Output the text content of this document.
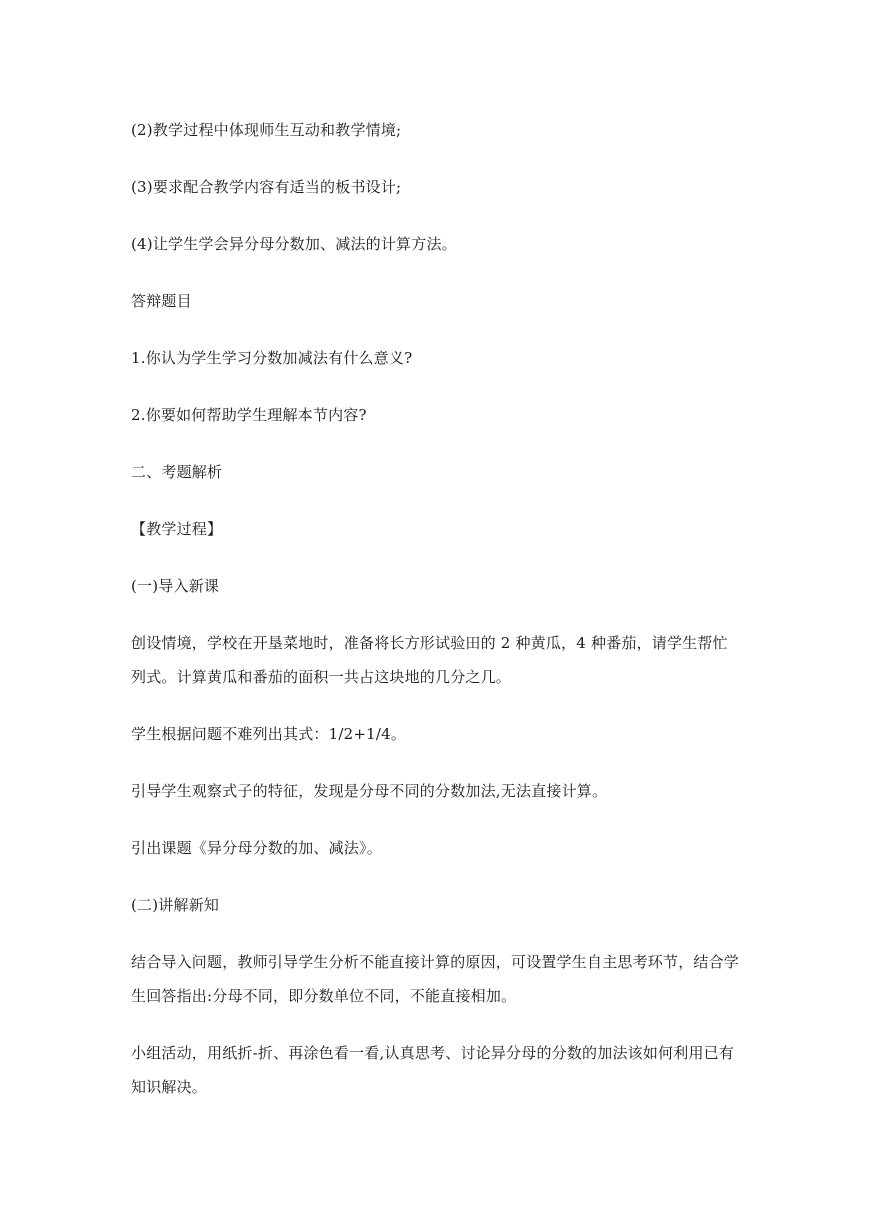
(2)教学过程中体现师生互动和教学情境;

(3)要求配合教学内容有适当的板书设计;

(4)让学生学会异分母分数加、减法的计算方法。

答辩题目

1.你认为学生学习分数加减法有什么意义?

2.你要如何帮助学生理解本节内容?

二、考题解析

【教学过程】

(一)导入新课

创设情境，学校在开垦菜地时，准备将长方形试验田的 2 种黄瓜，4 种番茄，请学生帮忙列式。计算黄瓜和番茄的面积一共占这块地的几分之几。

学生根据问题不难列出其式：1/2+1/4。

引导学生观察式子的特征，发现是分母不同的分数加法,无法直接计算。

引出课题《异分母分数的加、减法》。

(二)讲解新知

结合导入问题，教师引导学生分析不能直接计算的原因，可设置学生自主思考环节，结合学生回答指出:分母不同，即分数单位不同，不能直接相加。

小组活动，用纸折-折、再涂色看一看,认真思考、讨论异分母的分数的加法该如何利用已有知识解决。
